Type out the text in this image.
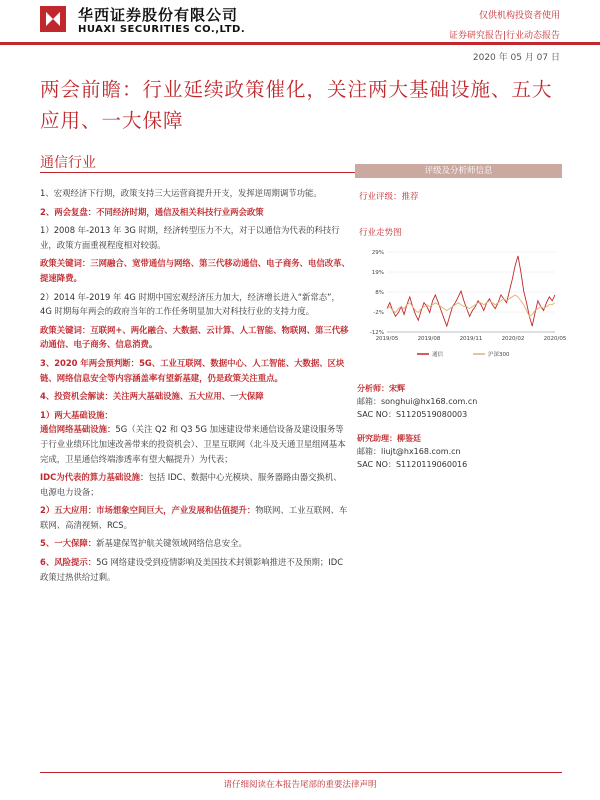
华西证券股份有限公司
HUAXI SECURITIES CO.,LTD.
仅供机构投资者使用
证券研究报告|行业动态报告
2020 年 05 月 07 日
两会前瞻：行业延续政策催化，关注两大基础设施、五大应用、一大保障
通信行业

1、宏观经济下行期，政策支持三大运营商提升开支，发挥逆周期调节功能。

2、两会复盘：不同经济时期，通信及相关科技行业两会政策

1）2008 年-2013 年 3G 时期，经济转型压力不大，对于以通信为代表的科技行业，政策方面重视程度相对较弱。

政策关键词：三网融合、宽带通信与网络、第三代移动通信、电子商务、电信改革、提速降费。

2）2014 年-2019 年 4G 时期中国宏观经济压力加大，经济增长进入“新常态”，4G 时期每年两会的政府当年的工作任务明显加大对科技行业的支持力度。

政策关键词：互联网+、两化融合、大数据、云计算、人工智能、物联网、第三代移动通信、电子商务、信息消费。

3、2020 年两会预判断：5G、工业互联网、数据中心、人工智能、大数据、区块链、网络信息安全等内容涵盖率有望新基建，仍是政策关注重点。

4、投资机会解读：关注两大基础设施、五大应用、一大保障

1）两大基础设施：

通信网络基础设施：5G（关注 Q2 和 Q3 5G 加速建设带来通信设备及建设服务等于行业业绩环比加速改善带来的投资机会）、卫星互联网（北斗及天通卫星组网基本完成，卫星通信终端渗透率有望大幅提升）为代表；

IDC为代表的算力基础设施：包括 IDC、数据中心光模块、服务器路由器交换机、电源电力设备；

2）五大应用：市场想象空间巨大，产业发展和估值提升：物联网、工业互联网、车联网、高清视频、RCS。

5、一大保障：新基建保驾护航关键领域网络信息安全。

6、风险提示：5G 网络建设受到疫情影响及美国技术封锁影响推进不及预期；IDC 政策过热供给过剩。

评级及分析师信息
行业评级：推荐
行业走势图
29%
19%
8%
-2%
-12%
2019/05	2019/08	2019/11	2020/02	2020/05
通信	沪深300
分析师：宋辉
邮箱：songhui@hx168.com.cn
SAC NO：S1120519080003
研究助理：柳鉴廷
邮箱：liujt@hx168.com.cn
SAC NO：S1120119060016
请仔细阅读在本报告尾部的重要法律声明
